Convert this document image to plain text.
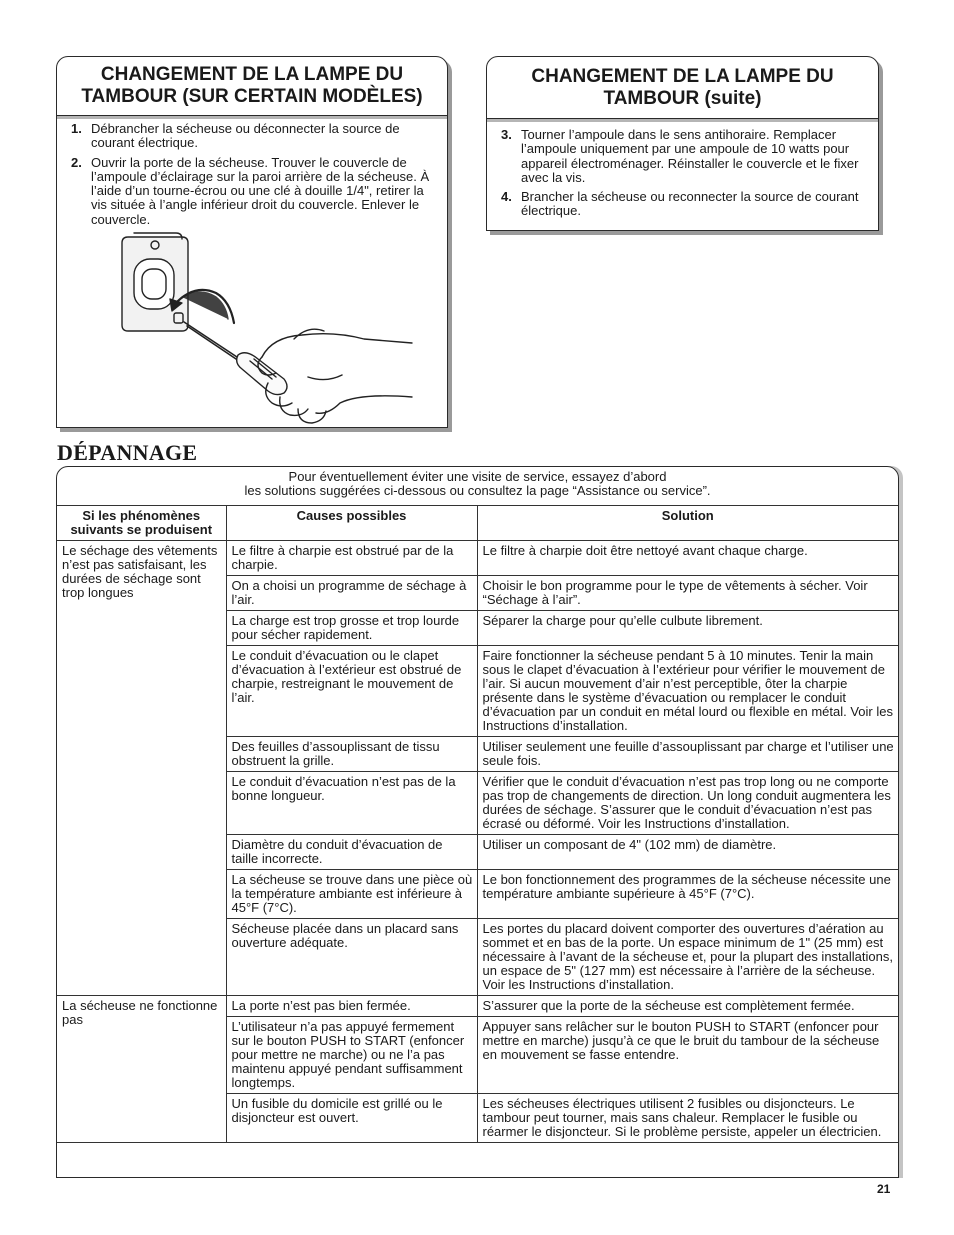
CHANGEMENT DE LA LAMPE DU TAMBOUR (SUR CERTAIN MODÈLES)
1. Débrancher la sécheuse ou déconnecter la source de courant électrique.
2. Ouvrir la porte de la sécheuse. Trouver le couvercle de l’ampoule d’éclairage sur la paroi arrière de la sécheuse. À l’aide d’un tourne-écrou ou une clé à douille 1/4", retirer la vis située à l’angle inférieur droit du couvercle. Enlever le couvercle.
CHANGEMENT DE LA LAMPE DU TAMBOUR (suite)
3. Tourner l’ampoule dans le sens antihoraire. Remplacer l’ampoule uniquement par une ampoule de 10 watts pour appareil électroménager. Réinstaller le couvercle et le fixer avec la vis.
4. Brancher la sécheuse ou reconnecter la source de courant électrique.
DÉPANNAGE
Pour éventuellement éviter une visite de service, essayez d’abord
les solutions suggérées ci-dessous ou consultez la page “Assistance ou service”.
Si les phénomènes suivants se produisent	Causes possibles	Solution
Le séchage des vêtements n’est pas satisfaisant, les durées de séchage sont trop longues	Le filtre à charpie est obstrué par de la charpie.	Le filtre à charpie doit être nettoyé avant chaque charge.
	On a choisi un programme de séchage à l’air.	Choisir le bon programme pour le type de vêtements à sécher. Voir “Séchage à l’air”.
	La charge est trop grosse et trop lourde pour sécher rapidement.	Séparer la charge pour qu’elle culbute librement.
	Le conduit d’évacuation ou le clapet d’évacuation à l’extérieur est obstrué de charpie, restreignant le mouvement de l’air.	Faire fonctionner la sécheuse pendant 5 à 10 minutes. Tenir la main sous le clapet d’évacuation à l’extérieur pour vérifier le mouvement de l’air. Si aucun mouvement d’air n’est perceptible, ôter la charpie présente dans le système d’évacuation ou remplacer le conduit d’évacuation par un conduit en métal lourd ou flexible en métal. Voir les Instructions d’installation.
	Des feuilles d’assouplissant de tissu obstruent la grille.	Utiliser seulement une feuille d’assouplissant par charge et l’utiliser une seule fois.
	Le conduit d’évacuation n’est pas de la bonne longueur.	Vérifier que le conduit d’évacuation n’est pas trop long ou ne comporte pas trop de changements de direction. Un long conduit augmentera les durées de séchage. S’assurer que le conduit d’évacuation n’est pas écrasé ou déformé. Voir les Instructions d’installation.
	Diamètre du conduit d’évacuation de taille incorrecte.	Utiliser un composant de 4" (102 mm) de diamètre.
	La sécheuse se trouve dans une pièce où la température ambiante est inférieure à 45°F (7°C).	Le bon fonctionnement des programmes de la sécheuse nécessite une température ambiante supérieure à 45°F (7°C).
	Sécheuse placée dans un placard sans ouverture adéquate.	Les portes du placard doivent comporter des ouvertures d’aération au sommet et en bas de la porte. Un espace minimum de 1" (25 mm) est nécessaire à l’avant de la sécheuse et, pour la plupart des installations, un espace de 5" (127 mm) est nécessaire à l’arrière de la sécheuse. Voir les Instructions d’installation.
La sécheuse ne fonctionne pas	La porte n’est pas bien fermée.	S’assurer que la porte de la sécheuse est complètement fermée.
	L’utilisateur n’a pas appuyé fermement sur le bouton PUSH to START (enfoncer pour mettre ne marche) ou ne l’a pas maintenu appuyé pendant suffisamment longtemps.	Appuyer sans relâcher sur le bouton PUSH to START (enfoncer pour mettre en marche) jusqu’à ce que le bruit du tambour de la sécheuse en mouvement se fasse entendre.
	Un fusible du domicile est grillé ou le disjoncteur est ouvert.	Les sécheuses électriques utilisent 2 fusibles ou disjoncteurs. Le tambour peut tourner, mais sans chaleur. Remplacer le fusible ou réarmer le disjoncteur. Si le problème persiste, appeler un électricien.
21
